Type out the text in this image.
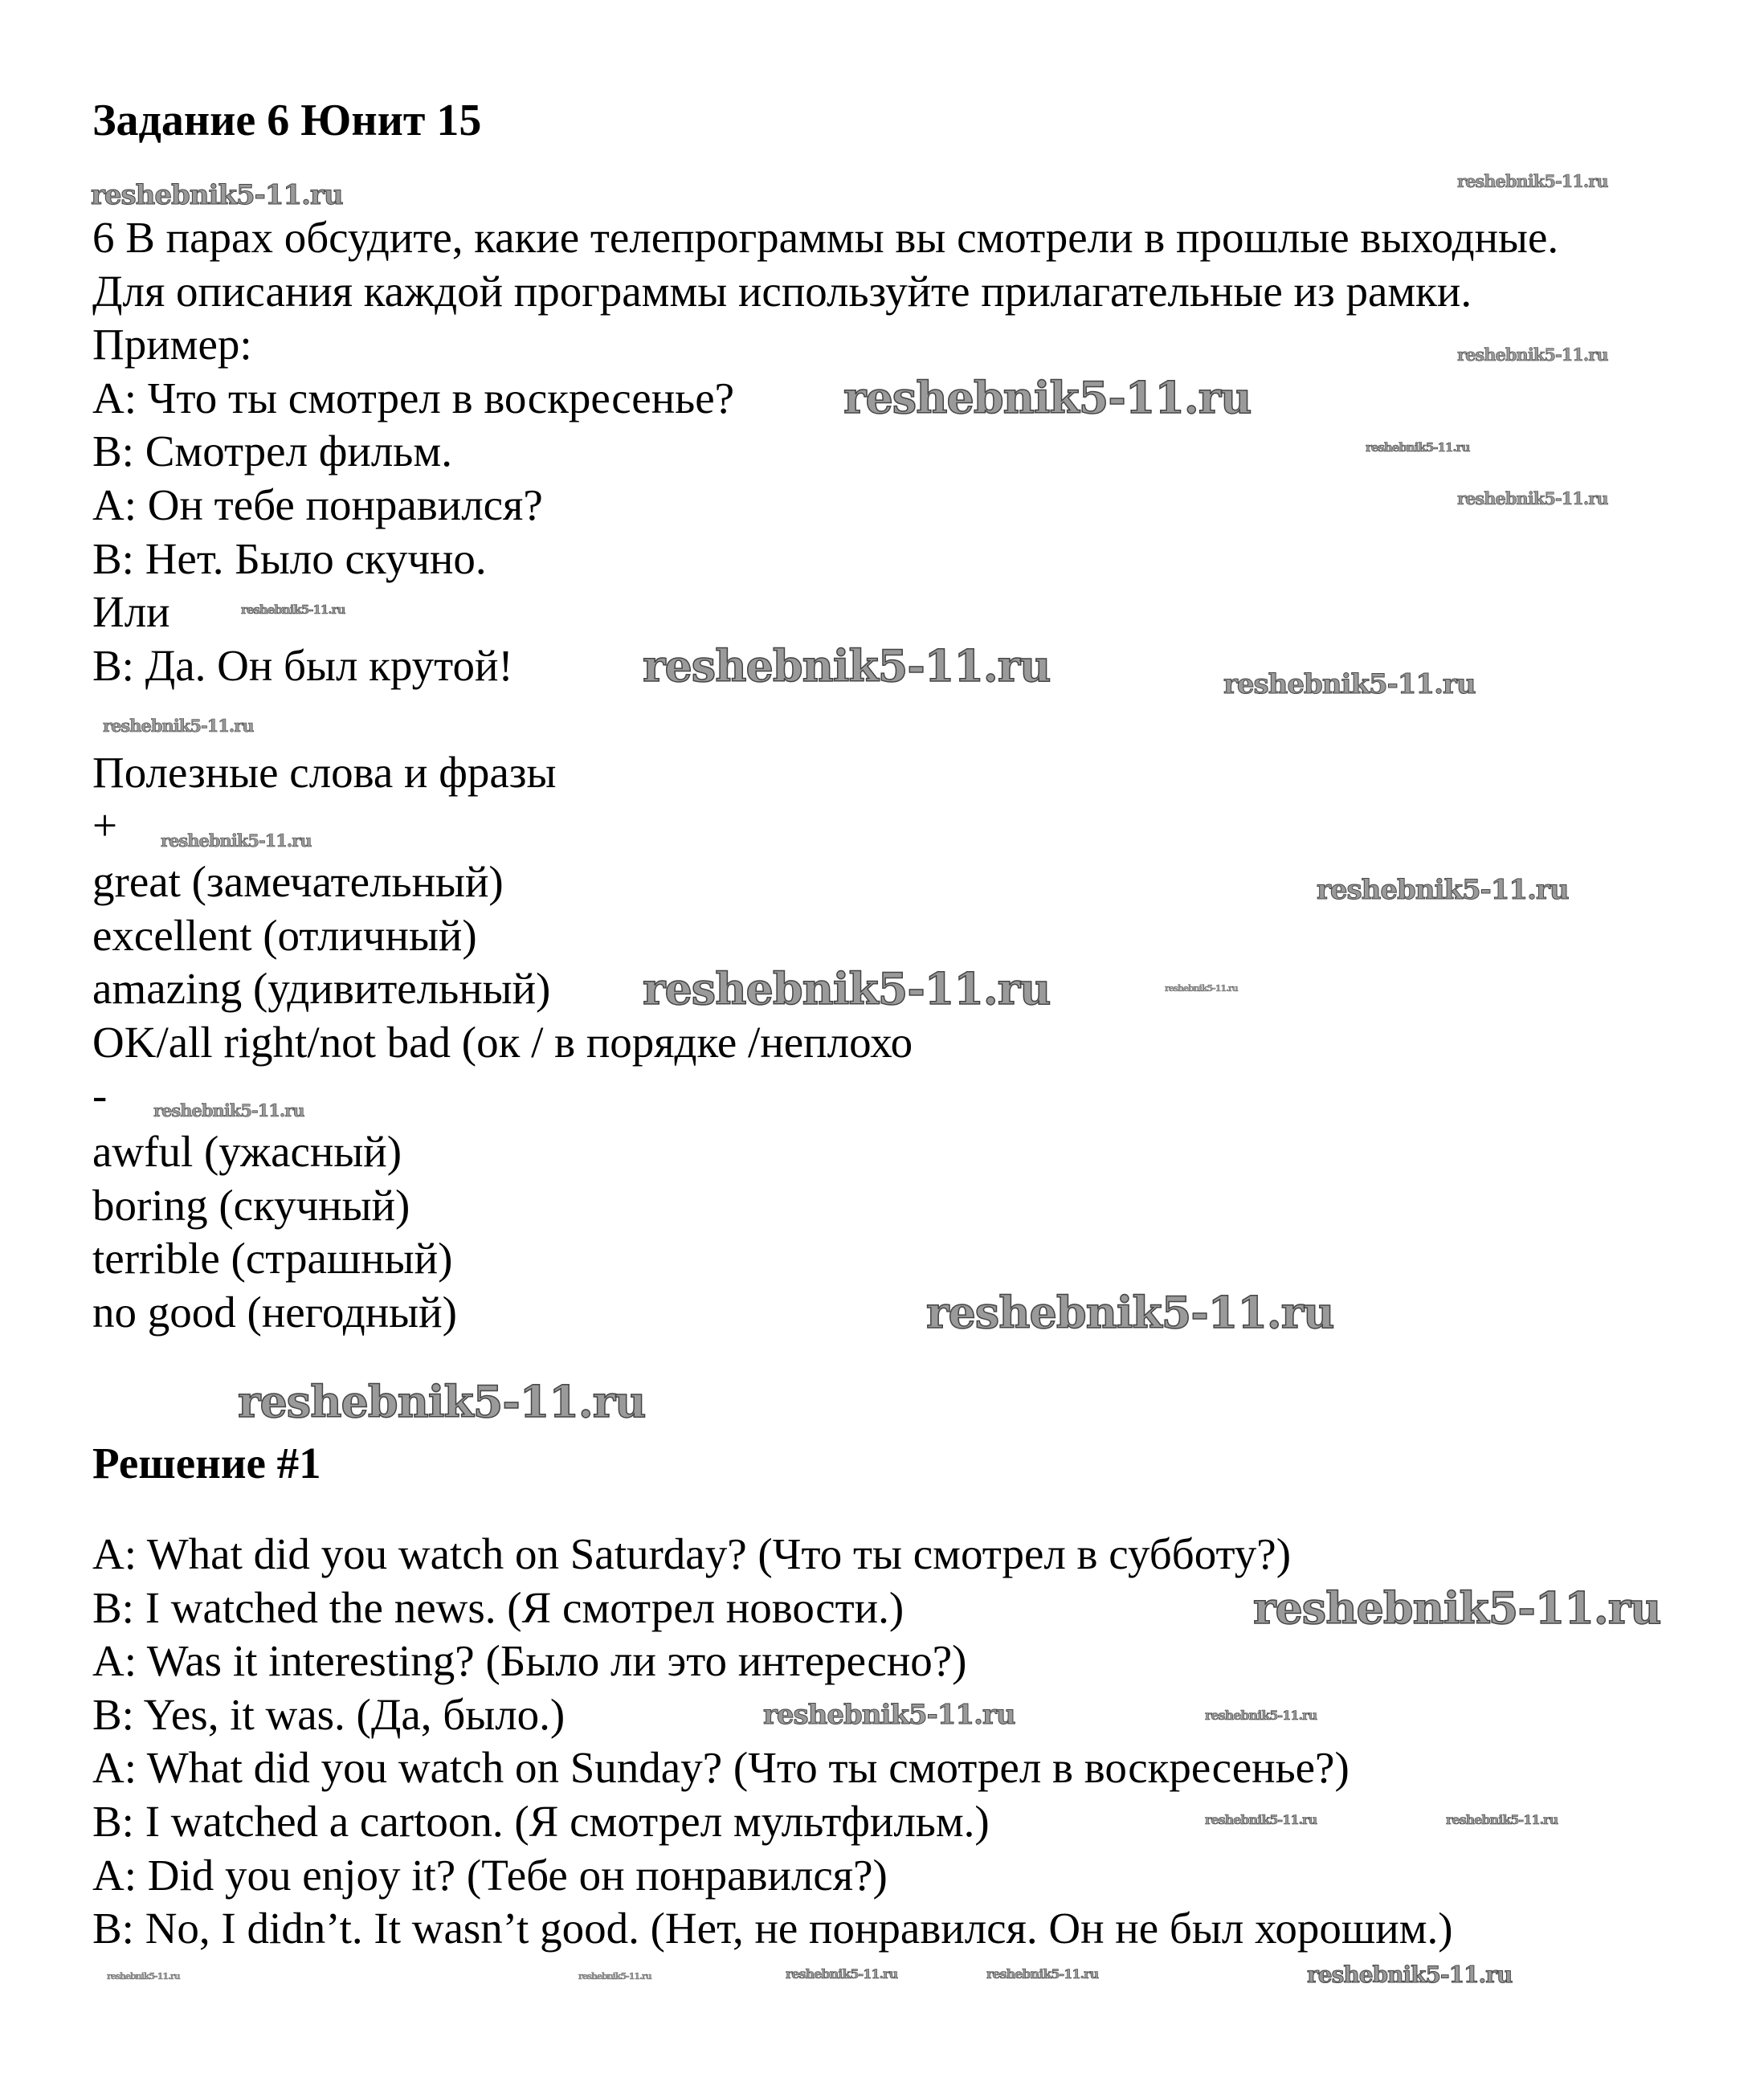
Задание 6 Юнит 15
6 В парах обсудите, какие телепрограммы вы смотрели в прошлые выходные.
Для описания каждой программы используйте прилагательные из рамки.
Пример:
A: Что ты смотрел в воскресенье?
B: Смотрел фильм.
A: Он тебе понравился?
B: Нет. Было скучно.
Или
B: Да. Он был крутой!
Полезные слова и фразы
+
great (замечательный)
excellent (отличный)
amazing (удивительный)
OK/all right/not bad (ок / в порядке /неплохо
-
awful (ужасный)
boring (скучный)
terrible (страшный)
no good (негодный)
Решение #1
A: What did you watch on Saturday? (Что ты смотрел в субботу?)
B: I watched the news. (Я смотрел новости.)
A: Was it interesting? (Было ли это интересно?)
B: Yes, it was. (Да, было.)
A: What did you watch on Sunday? (Что ты смотрел в воскресенье?)
B: I watched a cartoon. (Я смотрел мультфильм.)
A: Did you enjoy it? (Тебе он понравился?)
B: No, I didn’t. It wasn’t good. (Нет, не понравился. Он не был хорошим.)
reshebnik5-11.ru
reshebnik5-11.ru
reshebnik5-11.ru
reshebnik5-11.ru
reshebnik5-11.ru
reshebnik5-11.ru
reshebnik5-11.ru
reshebnik5-11.ru
reshebnik5-11.ru
reshebnik5-11.ru
reshebnik5-11.ru
reshebnik5-11.ru
reshebnik5-11.ru
reshebnik5-11.ru
reshebnik5-11.ru
reshebnik5-11.ru
reshebnik5-11.ru
reshebnik5-11.ru
reshebnik5-11.ru
reshebnik5-11.ru
reshebnik5-11.ru	reshebnik5-11.ru
reshebnik5-11.ru	reshebnik5-11.ru
reshebnik5-11.ru
reshebnik5-11.ru	reshebnik5-11.ru
